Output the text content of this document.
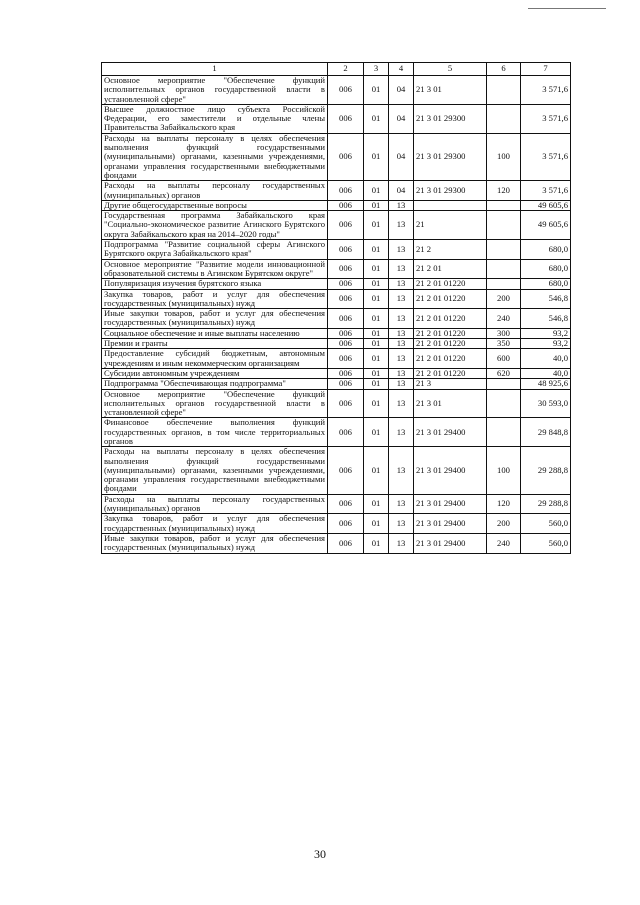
1	2	3	4	5	6	7
Основное мероприятие "Обеспечение функций исполнительных органов государственной власти в установленной сфере"	006	01	04	21 3 01		3 571,6
Высшее должностное лицо субъекта Российской Федерации, его заместители и отдельные члены Правительства Забайкальского края	006	01	04	21 3 01 29300		3 571,6
Расходы на выплаты персоналу в целях обеспечения выполнения функций государственными (муниципальными) органами, казенными учреждениями, органами управления государственными внебюджетными фондами	006	01	04	21 3 01 29300	100	3 571,6
Расходы на выплаты персоналу государственных (муниципальных) органов	006	01	04	21 3 01 29300	120	3 571,6
Другие общегосударственные вопросы	006	01	13			49 605,6
Государственная программа Забайкальского края "Социально-экономическое развитие Агинского Бурятского округа Забайкальского края на 2014–2020 годы"	006	01	13	21		49 605,6
Подпрограмма "Развитие социальной сферы Агинского Бурятского округа Забайкальского края"	006	01	13	21 2		680,0
Основное мероприятие "Развитие модели инновационной образовательной системы в Агинском Бурятском округе"	006	01	13	21 2 01		680,0
Популяризация изучения бурятского языка	006	01	13	21 2 01 01220		680,0
Закупка товаров, работ и услуг для обеспечения государственных (муниципальных) нужд	006	01	13	21 2 01 01220	200	546,8
Иные закупки товаров, работ и услуг для обеспечения государственных (муниципальных) нужд	006	01	13	21 2 01 01220	240	546,8
Социальное обеспечение и иные выплаты населению	006	01	13	21 2 01 01220	300	93,2
Премии и гранты	006	01	13	21 2 01 01220	350	93,2
Предоставление субсидий бюджетным, автономным учреждениям и иным некоммерческим организациям	006	01	13	21 2 01 01220	600	40,0
Субсидии автономным учреждениям	006	01	13	21 2 01 01220	620	40,0
Подпрограмма "Обеспечивающая подпрограмма"	006	01	13	21 3		48 925,6
Основное мероприятие "Обеспечение функций исполнительных органов государственной власти в установленной сфере"	006	01	13	21 3 01		30 593,0
Финансовое обеспечение выполнения функций государственных органов, в том числе территориальных органов	006	01	13	21 3 01 29400		29 848,8
Расходы на выплаты персоналу в целях обеспечения выполнения функций государственными (муниципальными) органами, казенными учреждениями, органами управления государственными внебюджетными фондами	006	01	13	21 3 01 29400	100	29 288,8
Расходы на выплаты персоналу государственных (муниципальных) органов	006	01	13	21 3 01 29400	120	29 288,8
Закупка товаров, работ и услуг для обеспечения государственных (муниципальных) нужд	006	01	13	21 3 01 29400	200	560,0
Иные закупки товаров, работ и услуг для обеспечения государственных (муниципальных) нужд	006	01	13	21 3 01 29400	240	560,0
30
